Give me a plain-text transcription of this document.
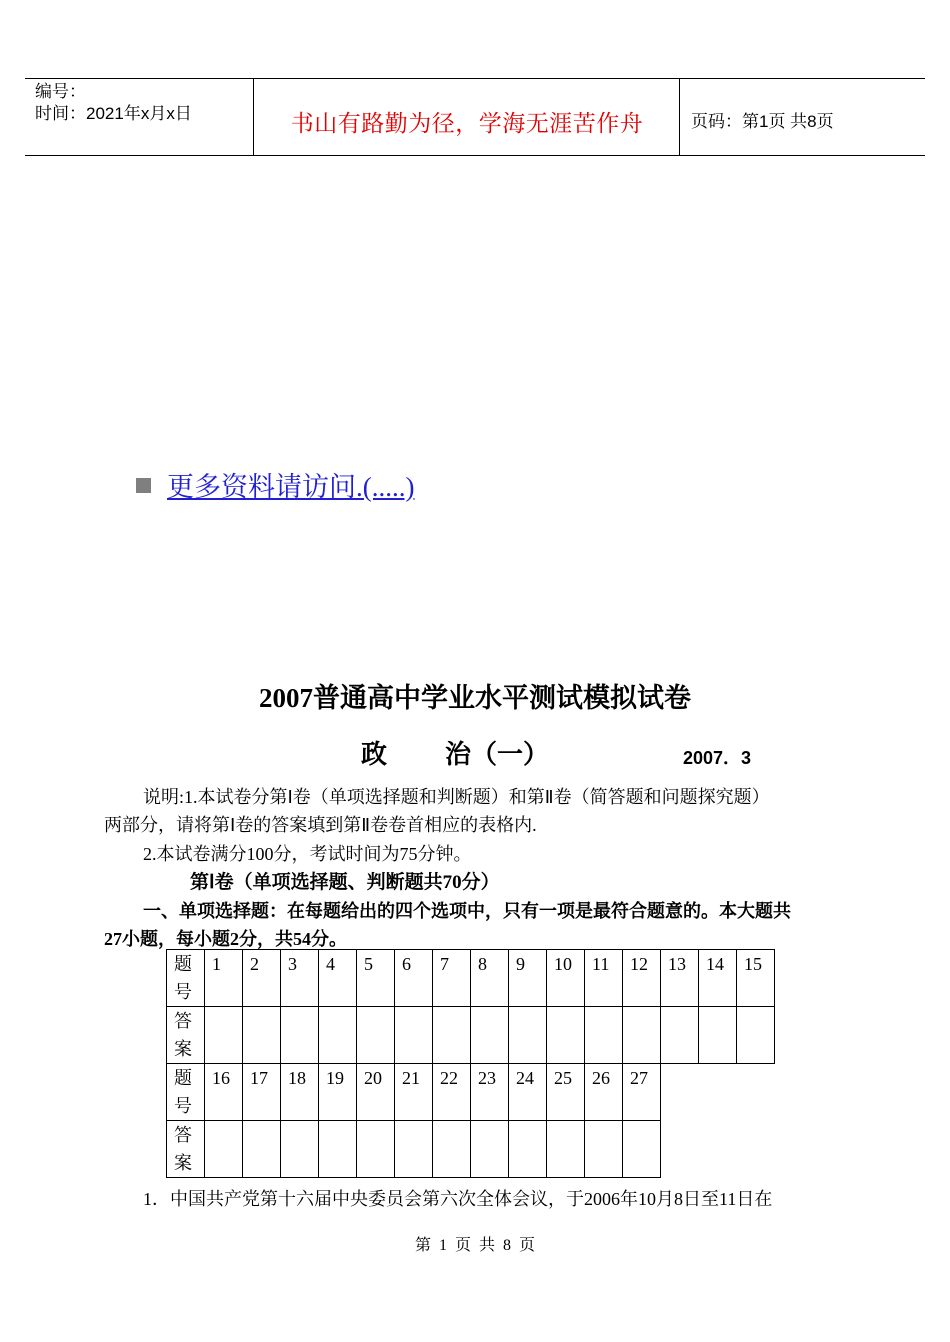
编号：
时间：2021年x月x日	书山有路勤为径，学海无涯苦作舟	页码：第1页 共8页
更多资料请访问.(.....)
2007普通高中学业水平测试模拟试卷
政 治（一）	2007．3
说明:1.本试卷分第Ⅰ卷（单项选择题和判断题）和第Ⅱ卷（简答题和问题探究题）
两部分，请将第Ⅰ卷的答案填到第Ⅱ卷卷首相应的表格内.
2.本试卷满分100分，考试时间为75分钟。
第Ⅰ卷（单项选择题、判断题共70分）
一、单项选择题：在每题给出的四个选项中，只有一项是最符合题意的。本大题共
27小题，每小题2分，共54分。
题号	1	2	3	4	5	6	7	8	9	10	11	12	13	14	15
答案															
题号	16	17	18	19	20	21	22	23	24	25	26	27			
答案															
1．中国共产党第十六届中央委员会第六次全体会议，于2006年10月8日至11日在
第 1 页 共 8 页
